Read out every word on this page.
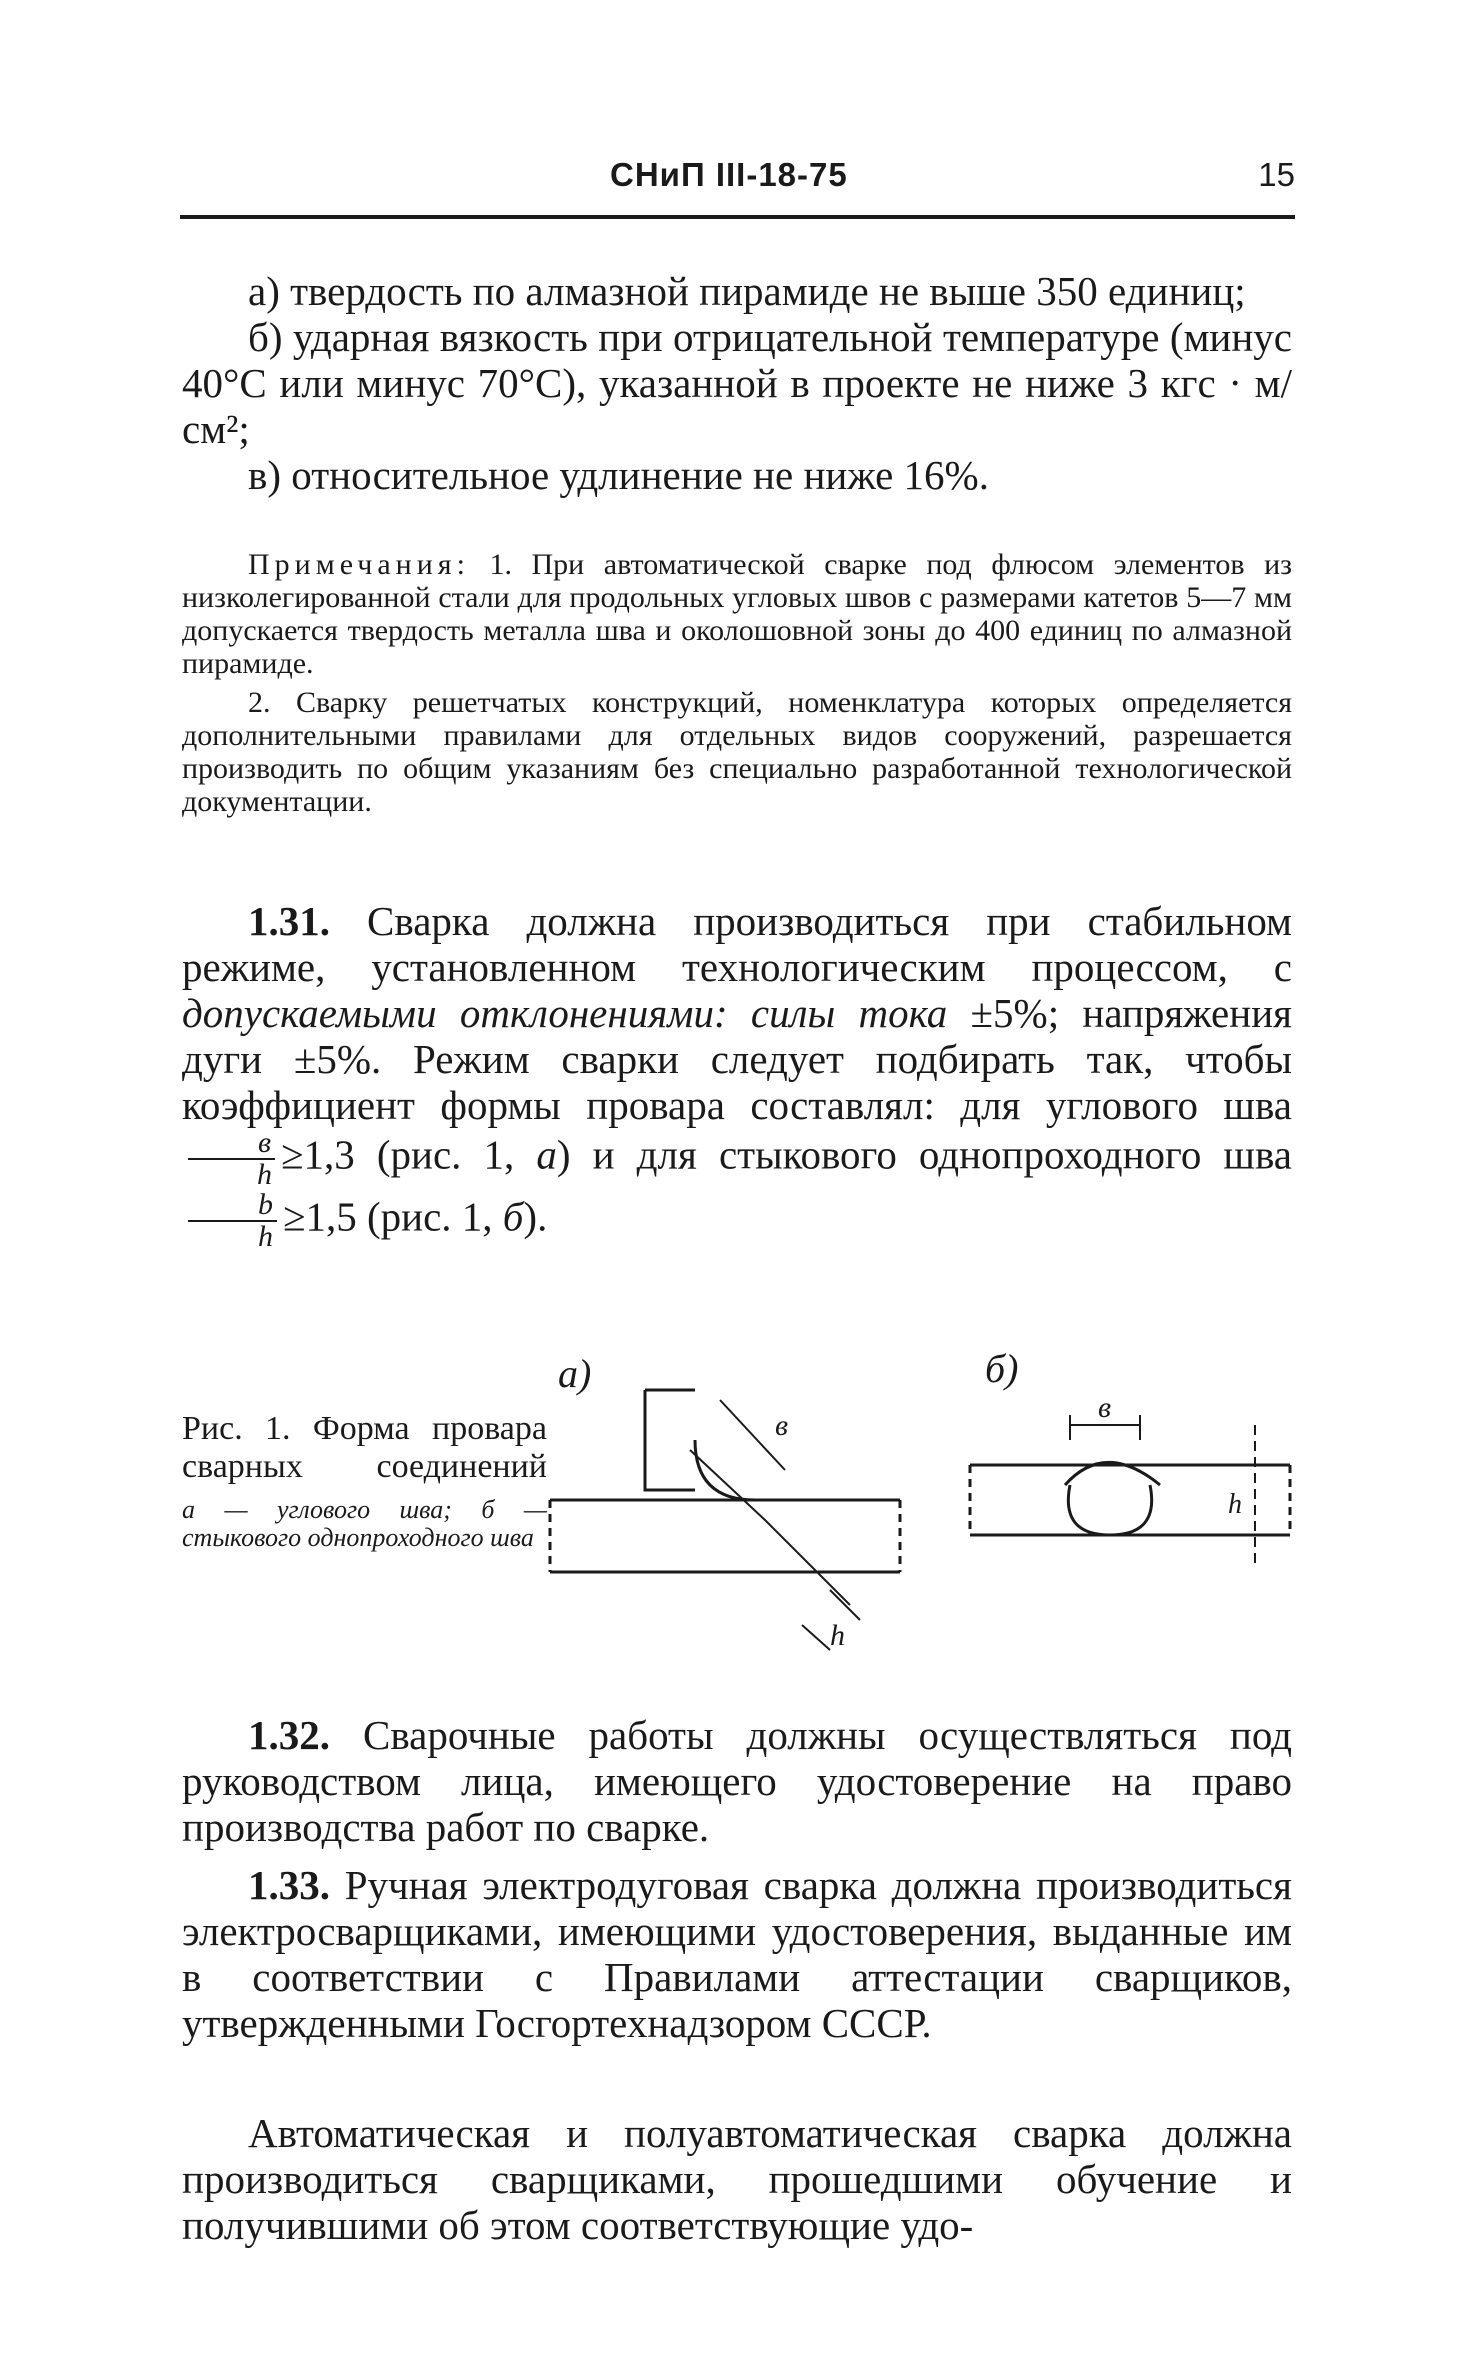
СНиП III-18-75	15

а) твердость по алмазной пирамиде не выше 350 единиц;

б) ударная вязкость при отрицательной температуре (минус 40°С или минус 70°С), указанной в проекте не ниже 3 кгс · м/см²;

в) относительное удлинение не ниже 16%.

Примечания: 1. При автоматической сварке под флюсом элементов из низколегированной стали для продольных угловых швов с размерами катетов 5—7 мм допускается твердость металла шва и околошовной зоны до 400 единиц по алмазной пирамиде.

2. Сварку решетчатых конструкций, номенклатура которых определяется дополнительными правилами для отдельных видов сооружений, разрешается производить по общим указаниям без специально разработанной технологической документации.

1.31. Сварка должна производиться при стабильном режиме, установленном технологическим процессом, с допускаемыми отклонениями: силы тока ±5%; напряжения дуги ±5%. Режим сварки следует подбирать так, чтобы коэффициент формы провара составлял: для углового шва
$\frac{в}{h} \ge 1,3$ (рис. 1, а) и для стыкового однопроходного шва
$\frac{b}{h} \ge 1,5$ (рис. 1, б).

Рис. 1. Форма провара сварных соединений
а — углового шва; б — стыкового однопроходного шва
а)	б)
в
h
в
h

1.32. Сварочные работы должны осуществляться под руководством лица, имеющего удостоверение на право производства работ по сварке.

1.33. Ручная электродуговая сварка должна производиться электросварщиками, имеющими удостоверения, выданные им в соответствии с Правилами аттестации сварщиков, утвержденными Госгортехнадзором СССР.

Автоматическая и полуавтоматическая сварка должна производиться сварщиками, прошедшими обучение и получившими об этом соответствующие удо-
